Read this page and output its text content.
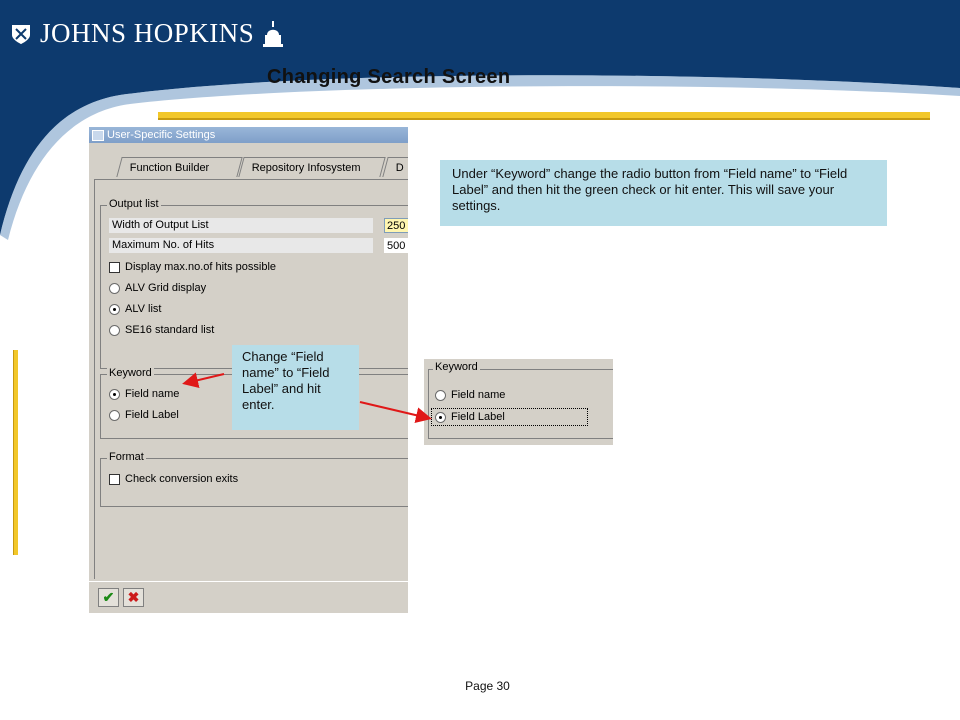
JOHNS HOPKINS
Changing Search Screen
User-Specific Settings
Function Builder	Repository Infosystem	D
Output list
Width of Output List	250
Maximum No. of Hits	500
Display max.no.of hits possible
ALV Grid display
ALV list
SE16 standard list
Keyword
Field name
Field Label
Format
Check conversion exits
✔ ✖
Under “Keyword” change the radio button from “Field name” to “Field Label” and then hit the green check or hit enter. This will save your settings.
Change “Field name” to “Field Label” and hit enter.
Keyword
Field name
Field Label
Page 30
